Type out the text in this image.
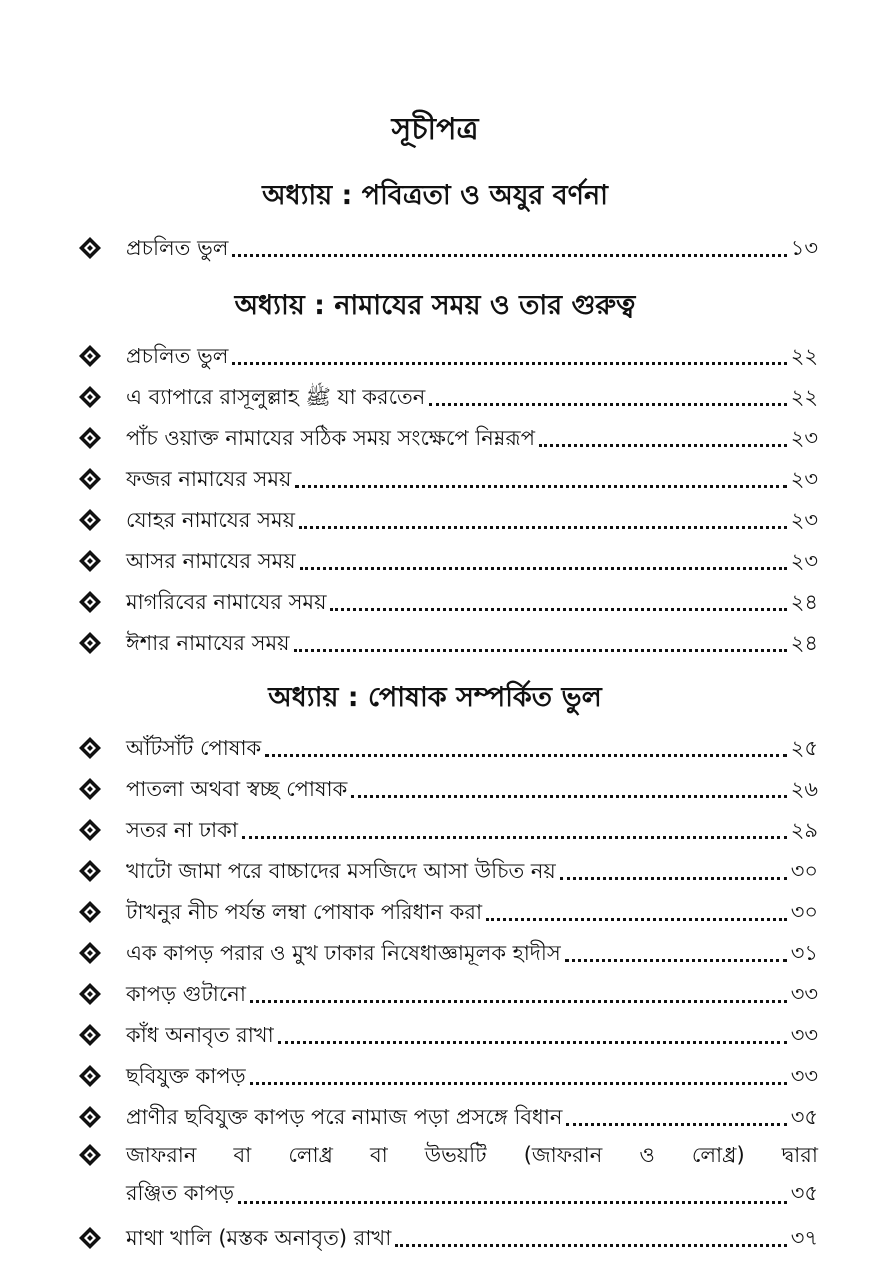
সূচীপত্র
অধ্যায় : পবিত্রতা ও অযুর বর্ণনা
প্রচলিত ভুল	১৩
অধ্যায় : নামাযের সময় ও তার গুরুত্ব
প্রচলিত ভুল	২২
এ ব্যাপারে রাসূলুল্লাহ ﷺ যা করতেন	২২
পাঁচ ওয়াক্ত নামাযের সঠিক সময় সংক্ষেপে নিম্নরূপ	২৩
ফজর নামাযের সময়	২৩
যোহর নামাযের সময়	২৩
আসর নামাযের সময়	২৩
মাগরিবের নামাযের সময়	২৪
ঈশার নামাযের সময়	২৪
অধ্যায় : পোষাক সম্পর্কিত ভুল
আঁটসাঁট পোষাক	২৫
পাতলা অথবা স্বচ্ছ পোষাক	২৬
সতর না ঢাকা	২৯
খাটো জামা পরে বাচ্চাদের মসজিদে আসা উচিত নয়	৩০
টাখনুর নীচ পর্যন্ত লম্বা পোষাক পরিধান করা	৩০
এক কাপড় পরার ও মুখ ঢাকার নিষেধাজ্ঞামূলক হাদীস	৩১
কাপড় গুটানো	৩৩
কাঁধ অনাবৃত রাখা	৩৩
ছবিযুক্ত কাপড়	৩৩
প্রাণীর ছবিযুক্ত কাপড় পরে নামাজ পড়া প্রসঙ্গে বিধান	৩৫
জাফরান বা লোধ্র বা উভয়টি (জাফরান ও লোধ্র) দ্বারা
রঞ্জিত কাপড়	৩৫
মাথা খালি (মস্তক অনাবৃত) রাখা	৩৭
